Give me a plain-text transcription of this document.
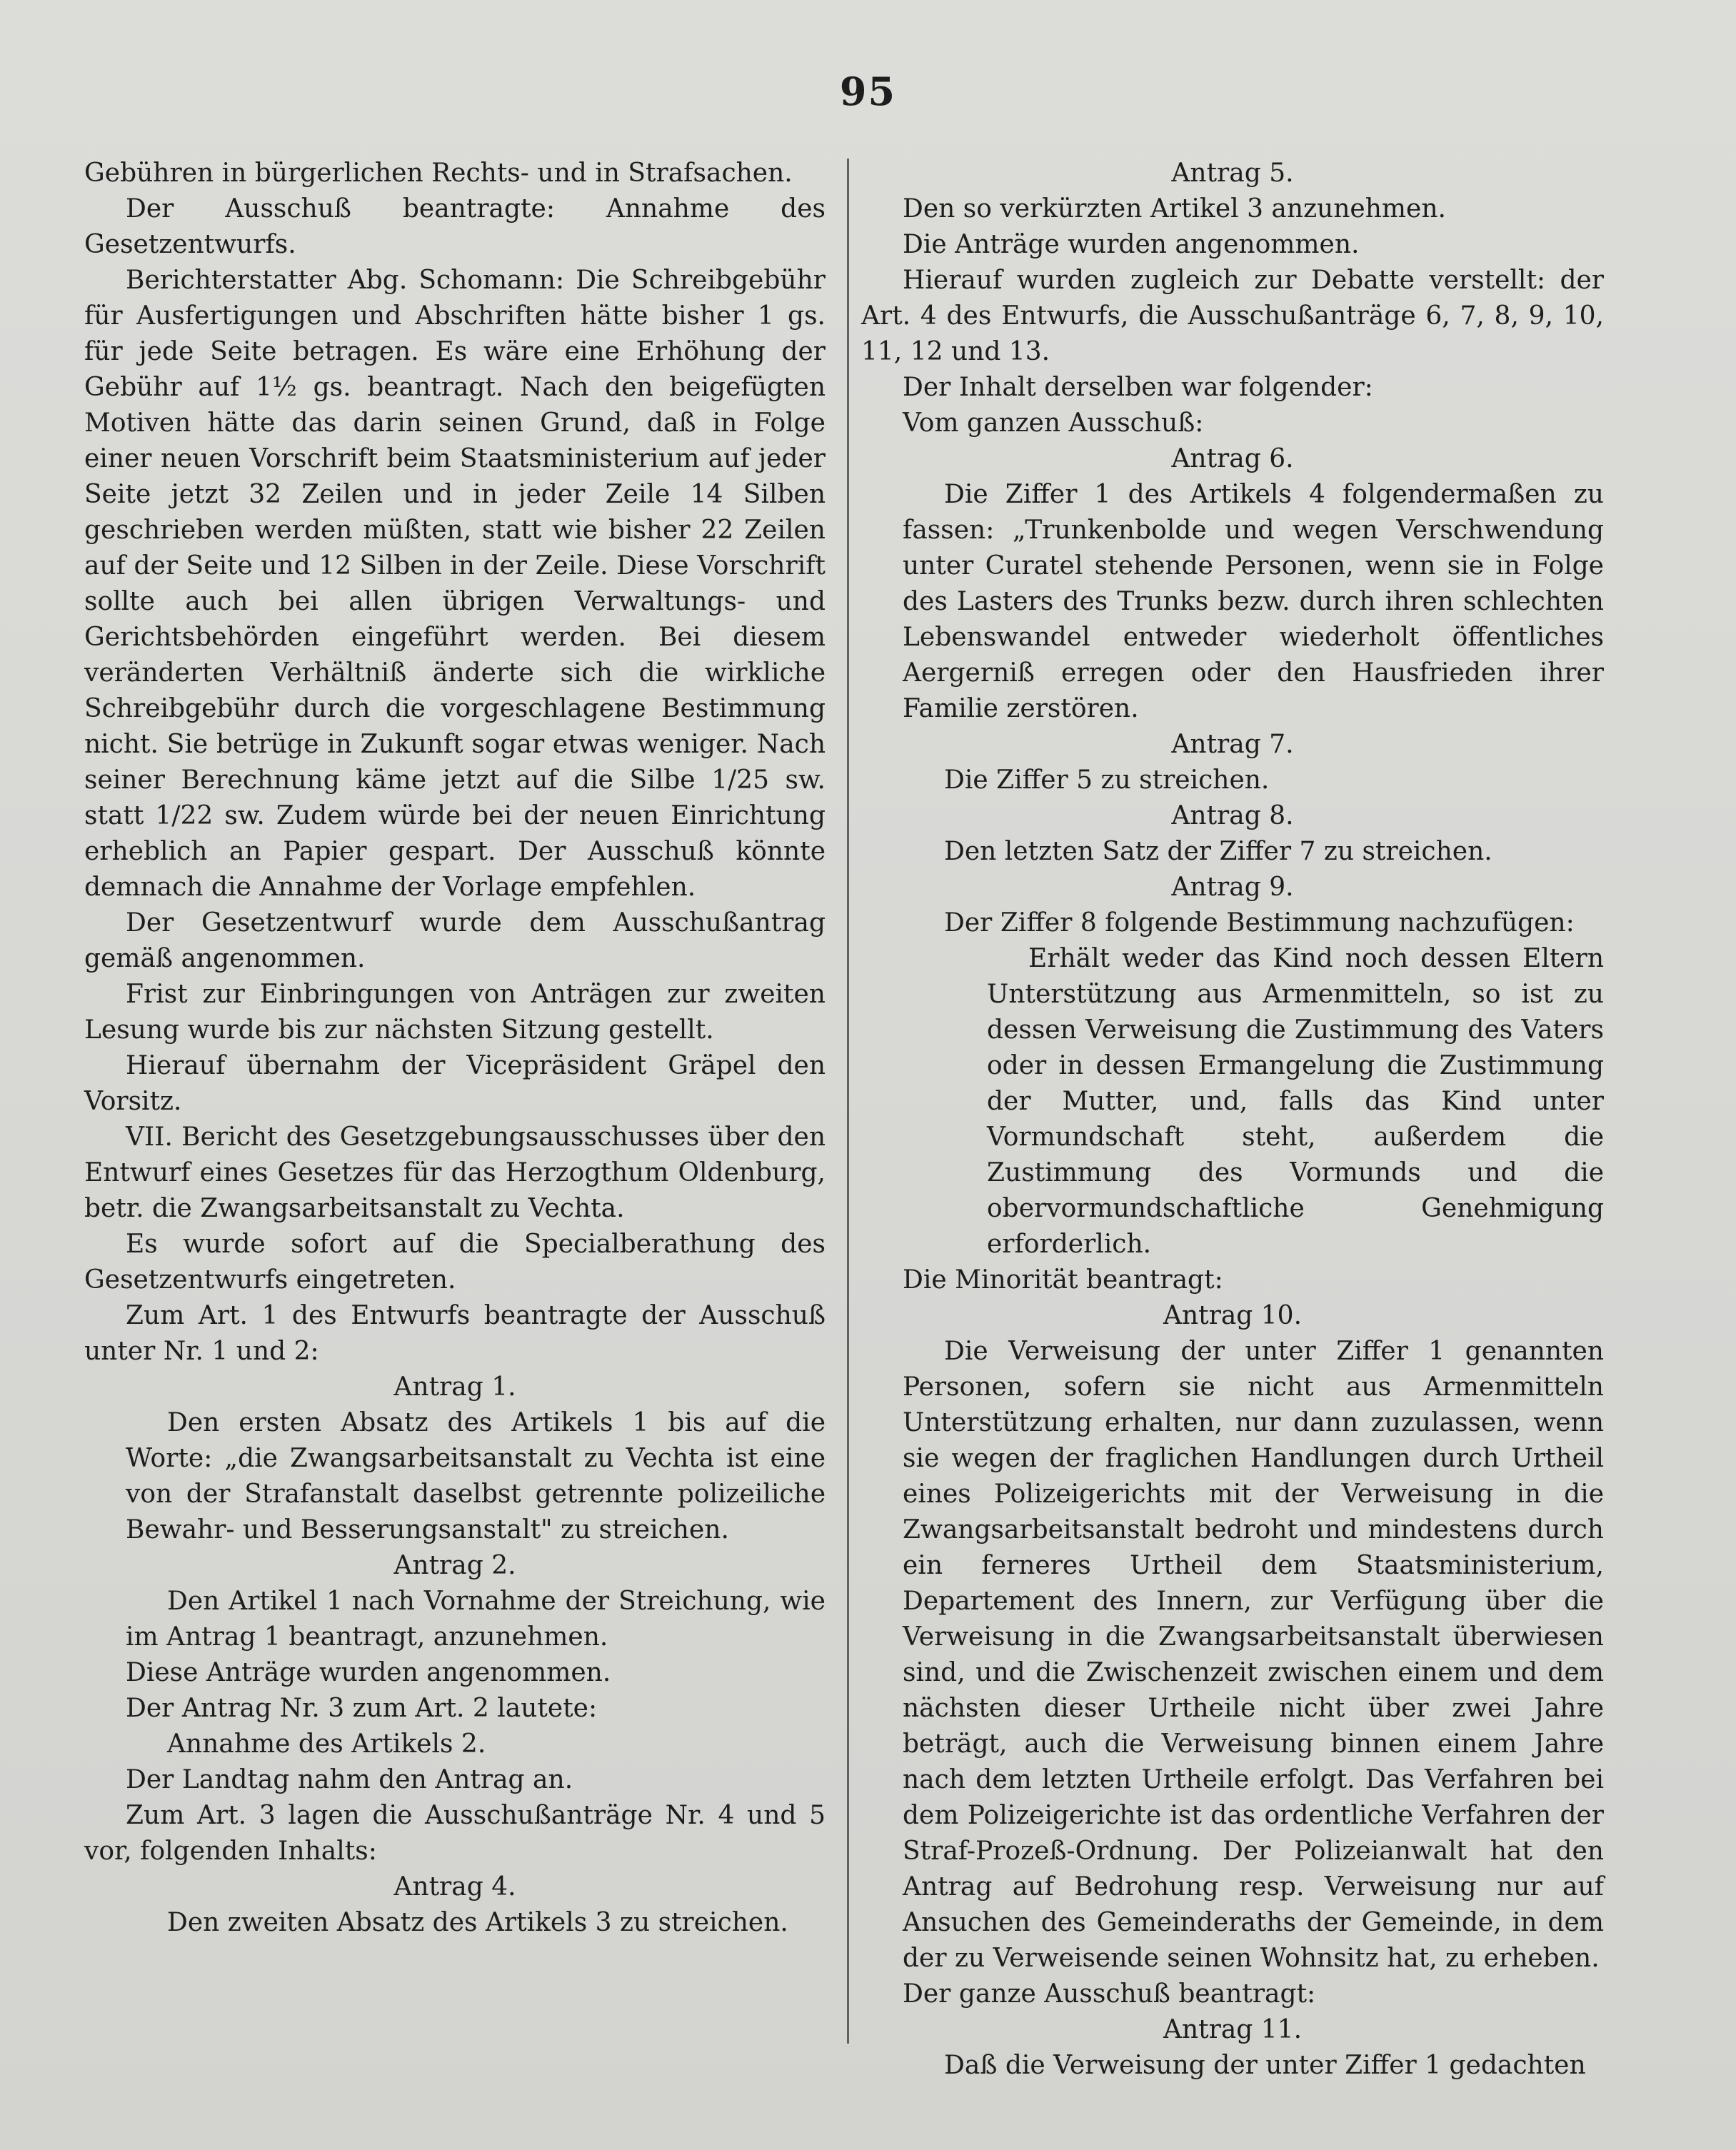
95

Gebühren in bürgerlichen Rechts- und in Strafsachen.

Der Ausschuß beantragte: Annahme des Gesetzentwurfs.

Berichterstatter Abg. Schomann: Die Schreibgebühr für Ausfertigungen und Abschriften hätte bisher 1 gs. für jede Seite betragen. Es wäre eine Erhöhung der Gebühr auf 1½ gs. beantragt. Nach den beigefügten Motiven hätte das darin seinen Grund, daß in Folge einer neuen Vorschrift beim Staatsministerium auf jeder Seite jetzt 32 Zeilen und in jeder Zeile 14 Silben geschrieben werden müßten, statt wie bisher 22 Zeilen auf der Seite und 12 Silben in der Zeile. Diese Vorschrift sollte auch bei allen übrigen Verwaltungs- und Gerichtsbehörden eingeführt werden. Bei diesem veränderten Verhältniß änderte sich die wirkliche Schreibgebühr durch die vorgeschlagene Bestimmung nicht. Sie betrüge in Zukunft sogar etwas weniger. Nach seiner Berechnung käme jetzt auf die Silbe 1/25 sw. statt 1/22 sw. Zudem würde bei der neuen Einrichtung erheblich an Papier gespart. Der Ausschuß könnte demnach die Annahme der Vorlage empfehlen.

Der Gesetzentwurf wurde dem Ausschußantrag gemäß angenommen.

Frist zur Einbringungen von Anträgen zur zweiten Lesung wurde bis zur nächsten Sitzung gestellt.

Hierauf übernahm der Vicepräsident Gräpel den Vorsitz.

VII. Bericht des Gesetzgebungsausschusses über den Entwurf eines Gesetzes für das Herzogthum Oldenburg, betr. die Zwangsarbeitsanstalt zu Vechta.

Es wurde sofort auf die Specialberathung des Gesetzentwurfs eingetreten.

Zum Art. 1 des Entwurfs beantragte der Ausschuß unter Nr. 1 und 2:

Antrag 1.

Den ersten Absatz des Artikels 1 bis auf die Worte: „die Zwangsarbeitsanstalt zu Vechta ist eine von der Strafanstalt daselbst getrennte polizeiliche Bewahr- und Besserungsanstalt" zu streichen.

Antrag 2.

Den Artikel 1 nach Vornahme der Streichung, wie im Antrag 1 beantragt, anzunehmen.

Diese Anträge wurden angenommen.

Der Antrag Nr. 3 zum Art. 2 lautete:

Annahme des Artikels 2.

Der Landtag nahm den Antrag an.

Zum Art. 3 lagen die Ausschußanträge Nr. 4 und 5 vor, folgenden Inhalts:

Antrag 4.

Den zweiten Absatz des Artikels 3 zu streichen.

Antrag 5.

Den so verkürzten Artikel 3 anzunehmen.

Die Anträge wurden angenommen.

Hierauf wurden zugleich zur Debatte verstellt: der Art. 4 des Entwurfs, die Ausschußanträge 6, 7, 8, 9, 10, 11, 12 und 13.

Der Inhalt derselben war folgender:

Vom ganzen Ausschuß:

Antrag 6.

Die Ziffer 1 des Artikels 4 folgendermaßen zu fassen: „Trunkenbolde und wegen Verschwendung unter Curatel stehende Personen, wenn sie in Folge des Lasters des Trunks bezw. durch ihren schlechten Lebenswandel entweder wiederholt öffentliches Aergerniß erregen oder den Hausfrieden ihrer Familie zerstören.

Antrag 7.

Die Ziffer 5 zu streichen.

Antrag 8.

Den letzten Satz der Ziffer 7 zu streichen.

Antrag 9.

Der Ziffer 8 folgende Bestimmung nachzufügen:

Erhält weder das Kind noch dessen Eltern Unterstützung aus Armenmitteln, so ist zu dessen Verweisung die Zustimmung des Vaters oder in dessen Ermangelung die Zustimmung der Mutter, und, falls das Kind unter Vormundschaft steht, außerdem die Zustimmung des Vormunds und die obervormundschaftliche Genehmigung erforderlich.

Die Minorität beantragt:

Antrag 10.

Die Verweisung der unter Ziffer 1 genannten Personen, sofern sie nicht aus Armenmitteln Unterstützung erhalten, nur dann zuzulassen, wenn sie wegen der fraglichen Handlungen durch Urtheil eines Polizeigerichts mit der Verweisung in die Zwangsarbeitsanstalt bedroht und mindestens durch ein ferneres Urtheil dem Staatsministerium, Departement des Innern, zur Verfügung über die Verweisung in die Zwangsarbeitsanstalt überwiesen sind, und die Zwischenzeit zwischen einem und dem nächsten dieser Urtheile nicht über zwei Jahre beträgt, auch die Verweisung binnen einem Jahre nach dem letzten Urtheile erfolgt. Das Verfahren bei dem Polizeigerichte ist das ordentliche Verfahren der Straf-Prozeß-Ordnung. Der Polizeianwalt hat den Antrag auf Bedrohung resp. Verweisung nur auf Ansuchen des Gemeinderaths der Gemeinde, in dem der zu Verweisende seinen Wohnsitz hat, zu erheben.

Der ganze Ausschuß beantragt:

Antrag 11.

Daß die Verweisung der unter Ziffer 1 gedachten
